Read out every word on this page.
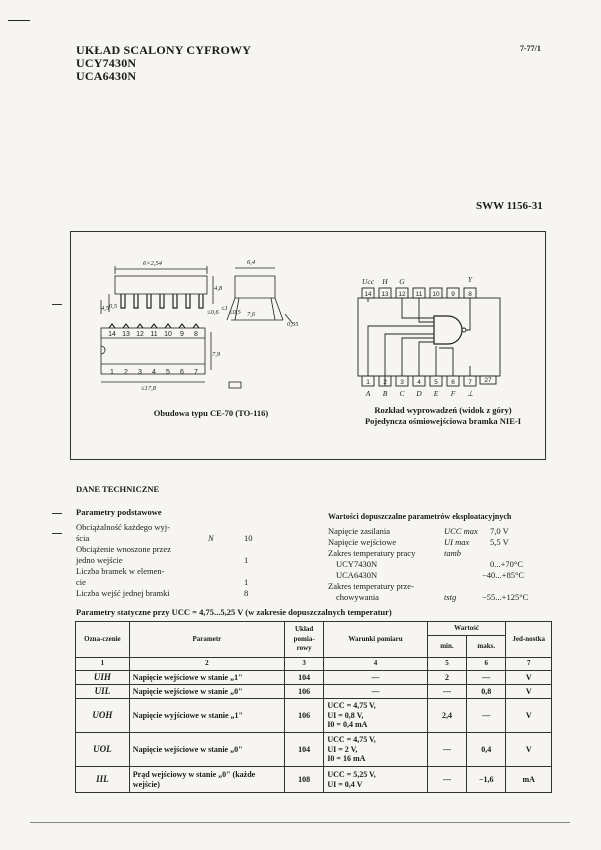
UKŁAD SCALONY CYFROWY
UCY7430N
UCA6430N
7-77/1
SWW 1156-31
6×2,54	6,4
4,5 0,5
4,8
7,9
≤0,6 ≤0,5 7,6
0,35
≤17,8
≤1
14 13 12 11 10 9 8
1 2 3 4 5 6 7
Obudowa typu CE-70 (TO-116)
Ucc H G	Y
A B C D E F ⊥
14 13 12 11 10 9 8
1 2 3 4 5 6 7 27
Rozkład wyprowadzeń (widok z góry)
Pojedyncza ośmiowejściowa bramka NIE-I
DANE TECHNICZNE
Parametry podstawowe
Obciążalność każdego wyj-
ścia	N	10
Obciążenie wnoszone przez
jedno wejście	1
Liczba bramek w elemen-
cie	1
Liczba wejść jednej bramki	8
Wartości dopuszczalne parametrów eksploatacyjnych
Napięcie zasilania	UCC max 7,0 V
Napięcie wejściowe	UI max 5,5 V
Zakres temperatury pracy	tamb
UCY7430N	0...+70°C
UCA6430N	−40...+85°C
Zakres temperatury prze-
chowywania	tstg	−55...+125°C
Parametry statyczne przy UCC = 4,75...5,25 V (w zakresie dopuszczalnych temperatur)
Ozna-czenie	Parametr	Układ pomia-rowy	Warunki pomiaru	Wartość		Jed-nostka
				min.	maks.	
1	2	3	4	5	6	7
UIH	Napięcie wejściowe w stanie „1"	104	—	2	—	V
UIL	Napięcie wejściowe w stanie „0"	106	—	—	0,8	V
UOH	Napięcie wyjściowe w stanie „1"	106	UCC = 4,75 V,
UI = 0,8 V,
I0 = 0,4 mA	2,4	—	V
UOL	Napięcie wejściowe w stanie „0"	104	UCC = 4,75 V,
UI = 2 V,
I0 = 16 mA	—	0,4	V
IIL	Prąd wejściowy w stanie „0" (każde wejście)	108	UCC = 5,25 V,
UI = 0,4 V	—	−1,6	mA
